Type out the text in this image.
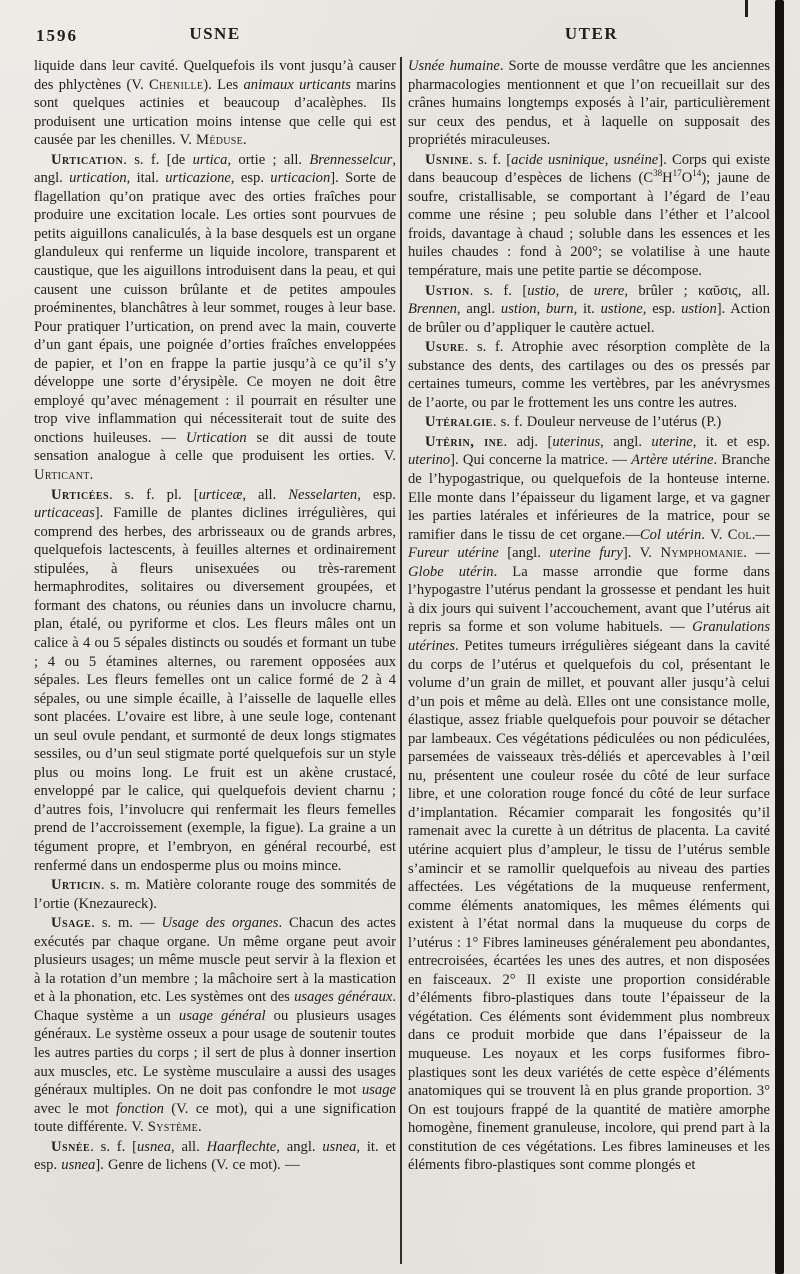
1596	USNE	UTER

liquide dans leur cavité. Quelquefois ils vont jusqu’à causer des phlyctènes (V. Chenille). Les animaux urticants marins sont quelques actinies et beaucoup d’acalèphes. Ils produisent une urtication moins intense que celle qui est causée par les chenilles. V. Méduse.

Urtication. s. f. [de urtica, ortie ; all. Brennesselcur, angl. urtication, ital. urticazione, esp. urticacion]. Sorte de flagellation qu’on pratique avec des orties fraîches pour produire une excitation locale. Les orties sont pourvues de petits aiguillons canaliculés, à la base desquels est un organe glanduleux qui renferme un liquide incolore, transparent et caustique, que les aiguillons introduisent dans la peau, et qui causent une cuisson brûlante et de petites ampoules proéminentes, blanchâtres à leur sommet, rouges à leur base. Pour pratiquer l’urtication, on prend avec la main, couverte d’un gant épais, une poignée d’orties fraîches enveloppées de papier, et l’on en frappe la partie jusqu’à ce qu’il s’y développe une sorte d’érysipèle. Ce moyen ne doit être employé qu’avec ménagement : il pourrait en résulter une trop vive inflammation qui nécessiterait tout de suite des onctions huileuses. — Urtication se dit aussi de toute sensation analogue à celle que produisent les orties. V. Urticant.

Urticées. s. f. pl. [urticeæ, all. Nesselarten, esp. urticaceas]. Famille de plantes diclines irrégulières, qui comprend des herbes, des arbrisseaux ou de grands arbres, quelquefois lactescents, à feuilles alternes et ordinairement stipulées, à fleurs unisexuées ou très-rarement hermaphrodites, solitaires ou diversement groupées, et formant des chatons, ou réunies dans un involucre charnu, plan, étalé, ou pyriforme et clos. Les fleurs mâles ont un calice à 4 ou 5 sépales distincts ou soudés et formant un tube ; 4 ou 5 étamines alternes, ou rarement opposées aux sépales. Les fleurs femelles ont un calice formé de 2 à 4 sépales, ou une simple écaille, à l’aisselle de laquelle elles sont placées. L’ovaire est libre, à une seule loge, contenant un seul ovule pendant, et surmonté de deux longs stigmates sessiles, ou d’un seul stigmate porté quelquefois sur un style plus ou moins long. Le fruit est un akène crustacé, enveloppé par le calice, qui quelquefois devient charnu ; d’autres fois, l’involucre qui renfermait les fleurs femelles prend de l’accroissement (exemple, la figue). La graine a un tégument propre, et l’embryon, en général recourbé, est renfermé dans un endosperme plus ou moins mince.

Urticin. s. m. Matière colorante rouge des sommités de l’ortie (Knezaureck).

Usage. s. m. — Usage des organes. Chacun des actes exécutés par chaque organe. Un même organe peut avoir plusieurs usages; un même muscle peut servir à la flexion et à la rotation d’un membre ; la mâchoire sert à la mastication et à la phonation, etc. Les systèmes ont des usages généraux. Chaque système a un usage général ou plusieurs usages généraux. Le système osseux a pour usage de soutenir toutes les autres parties du corps ; il sert de plus à donner insertion aux muscles, etc. Le système musculaire a aussi des usages généraux multiples. On ne doit pas confondre le mot usage avec le mot fonction (V. ce mot), qui a une signification toute différente. V. Système.

Usnée. s. f. [usnea, all. Haarflechte, angl. usnea, it. et esp. usnea]. Genre de lichens (V. ce mot). —

Usnée humaine. Sorte de mousse verdâtre que les anciennes pharmacologies mentionnent et que l’on recueillait sur des crânes humains longtemps exposés à l’air, particulièrement sur ceux des pendus, et à laquelle on supposait des propriétés miraculeuses.

Usnine. s. f. [acide usninique, usnéine]. Corps qui existe dans beaucoup d’espèces de lichens $(C^{38}H^{17}O^{14})$; jaune de soufre, cristallisable, se comportant à l’égard de l’eau comme une résine ; peu soluble dans l’éther et l’alcool froids, davantage à chaud ; soluble dans les essences et les huiles chaudes : fond à 200°; se volatilise à une haute température, mais une petite partie se décompose.

Ustion. s. f. [ustio, de urere, brûler ; καῦσις, all. Brennen, angl. ustion, burn, it. ustione, esp. ustion]. Action de brûler ou d’appliquer le cautère actuel.

Usure. s. f. Atrophie avec résorption complète de la substance des dents, des cartilages ou des os pressés par certaines tumeurs, comme les vertèbres, par les anévrysmes de l’aorte, ou par le frottement les uns contre les autres.

Utéralgie. s. f. Douleur nerveuse de l’utérus (P.)

Utérin, ine. adj. [uterinus, angl. uterine, it. et esp. uterino]. Qui concerne la matrice. — Artère utérine. Branche de l’hypogastrique, ou quelquefois de la honteuse interne. Elle monte dans l’épaisseur du ligament large, et va gagner les parties latérales et inférieures de la matrice, pour se ramifier dans le tissu de cet organe.—Col utérin. V. Col.—Fureur utérine [angl. uterine fury]. V. Nymphomanie. — Globe utérin. La masse arrondie que forme dans l’hypogastre l’utérus pendant la grossesse et pendant les huit à dix jours qui suivent l’accouchement, avant que l’utérus ait repris sa forme et son volume habituels. — Granulations utérines. Petites tumeurs irrégulières siégeant dans la cavité du corps de l’utérus et quelquefois du col, présentant le volume d’un grain de millet, et pouvant aller jusqu’à celui d’un pois et même au delà. Elles ont une consistance molle, élastique, assez friable quelquefois pour pouvoir se détacher par lambeaux. Ces végétations pédiculées ou non pédiculées, parsemées de vaisseaux très-déliés et apercevables à l’œil nu, présentent une couleur rosée du côté de leur surface libre, et une coloration rouge foncé du côté de leur surface d’implantation. Récamier comparait les fongosités qu’il ramenait avec la curette à un détritus de placenta. La cavité utérine acquiert plus d’ampleur, le tissu de l’utérus semble s’amincir et se ramollir quelquefois au niveau des parties affectées. Les végétations de la muqueuse renferment, comme éléments anatomiques, les mêmes éléments qui existent à l’état normal dans la muqueuse du corps de l’utérus : 1° Fibres lamineuses généralement peu abondantes, entrecroisées, écartées les unes des autres, et non disposées en faisceaux. 2° Il existe une proportion considérable d’éléments fibro-plastiques dans toute l’épaisseur de la végétation. Ces éléments sont évidemment plus nombreux dans ce produit morbide que dans l’épaisseur de la muqueuse. Les noyaux et les corps fusiformes fibro-plastiques sont les deux variétés de cette espèce d’éléments anatomiques qui se trouvent là en plus grande proportion. 3° On est toujours frappé de la quantité de matière amorphe homogène, finement granuleuse, incolore, qui prend part à la constitution de ces végétations. Les fibres lamineuses et les éléments fibro-plastiques sont comme plongés et
